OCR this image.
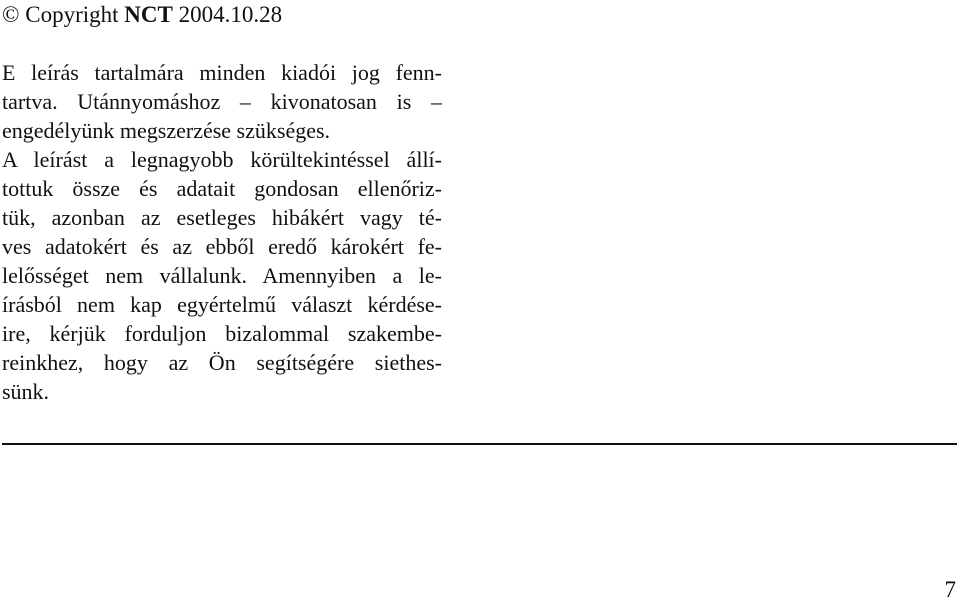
© Copyright NCT 2004.10.28
E leírás tartalmára minden kiadói jog fenn-
tartva. Utánnyomáshoz – kivonatosan is –
engedélyünk megszerzése szükséges.
A leírást a legnagyobb körültekintéssel állí-
tottuk össze és adatait gondosan ellenőriz-
tük, azonban az esetleges hibákért vagy té-
ves adatokért és az ebből eredő károkért fe-
lelősséget nem vállalunk. Amennyiben a le-
írásból nem kap egyértelmű választ kérdése-
ire, kérjük forduljon bizalommal szakembe-
reinkhez, hogy az Ön segítségére siethes-
sünk.
7
